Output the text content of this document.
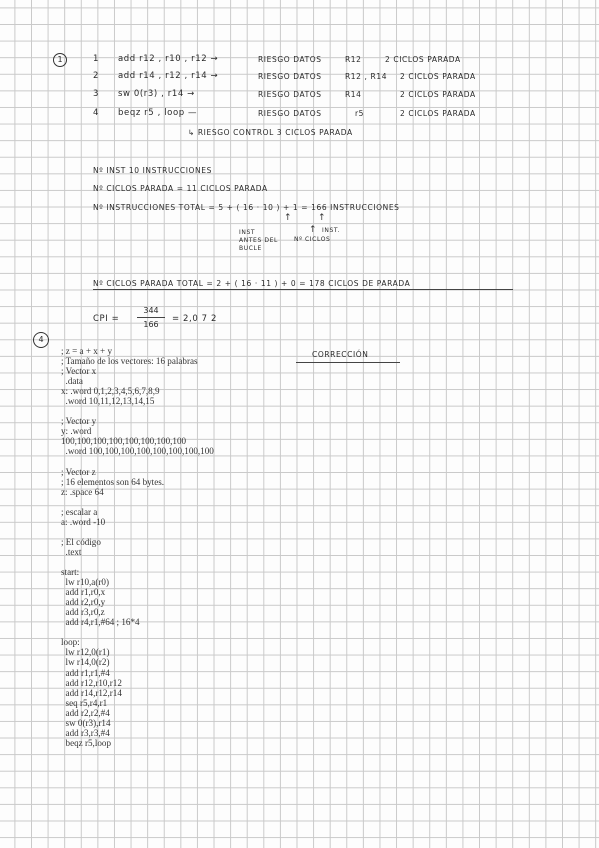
1	1 add r12 , r10 , r12 →	RIESGO DATOS	R12	2 CICLOS PARADA
2 add r14 , r12 , r14 →	RIESGO DATOS	R12 , R14 2 CICLOS PARADA
3 sw 0(r3) , r14 →	RIESGO DATOS	R14	2 CICLOS PARADA
4 beqz r5 , loop —	RIESGO DATOS	r5	2 CICLOS PARADA
↳ RIESGO CONTROL 3 CICLOS PARADA
Nº INST 10 INSTRUCCIONES
Nº CICLOS PARADA = 11 CICLOS PARADA
Nº INSTRUCCIONES TOTAL = 5 + ( 16 · 10 ) + 1 = 166 INSTRUCCIONES
↑
↑
↑
INST
ANTES DEL
BUCLE
Nº CICLOS
INST.
Nº CICLOS PARADA TOTAL = 2 + ( 16 · 11 ) + 0 = 178 CICLOS DE PARADA
CPI =
344
166
= 2,0 7 2
4
CORRECCIÓN
; z = a + x + y
; Tamaño de los vectores: 16 palabras
; Vector x
.data
x: .word 0,1,2,3,4,5,6,7,8,9
.word 10,11,12,13,14,15
; Vector y
y: .word
100,100,100,100,100,100,100,100
.word 100,100,100,100,100,100,100,100
; Vector z
; 16 elementos son 64 bytes.
z: .space 64
; escalar a
a: .word -10
; El código
.text
start:
lw r10,a(r0)
add r1,r0,x
add r2,r0,y
add r3,r0,z
add r4,r1,#64 ; 16*4
loop:
lw r12,0(r1)
lw r14,0(r2)
add r1,r1,#4
add r12,r10,r12
add r14,r12,r14
seq r5,r4,r1
add r2,r2,#4
sw 0(r3),r14
add r3,r3,#4
beqz r5,loop
